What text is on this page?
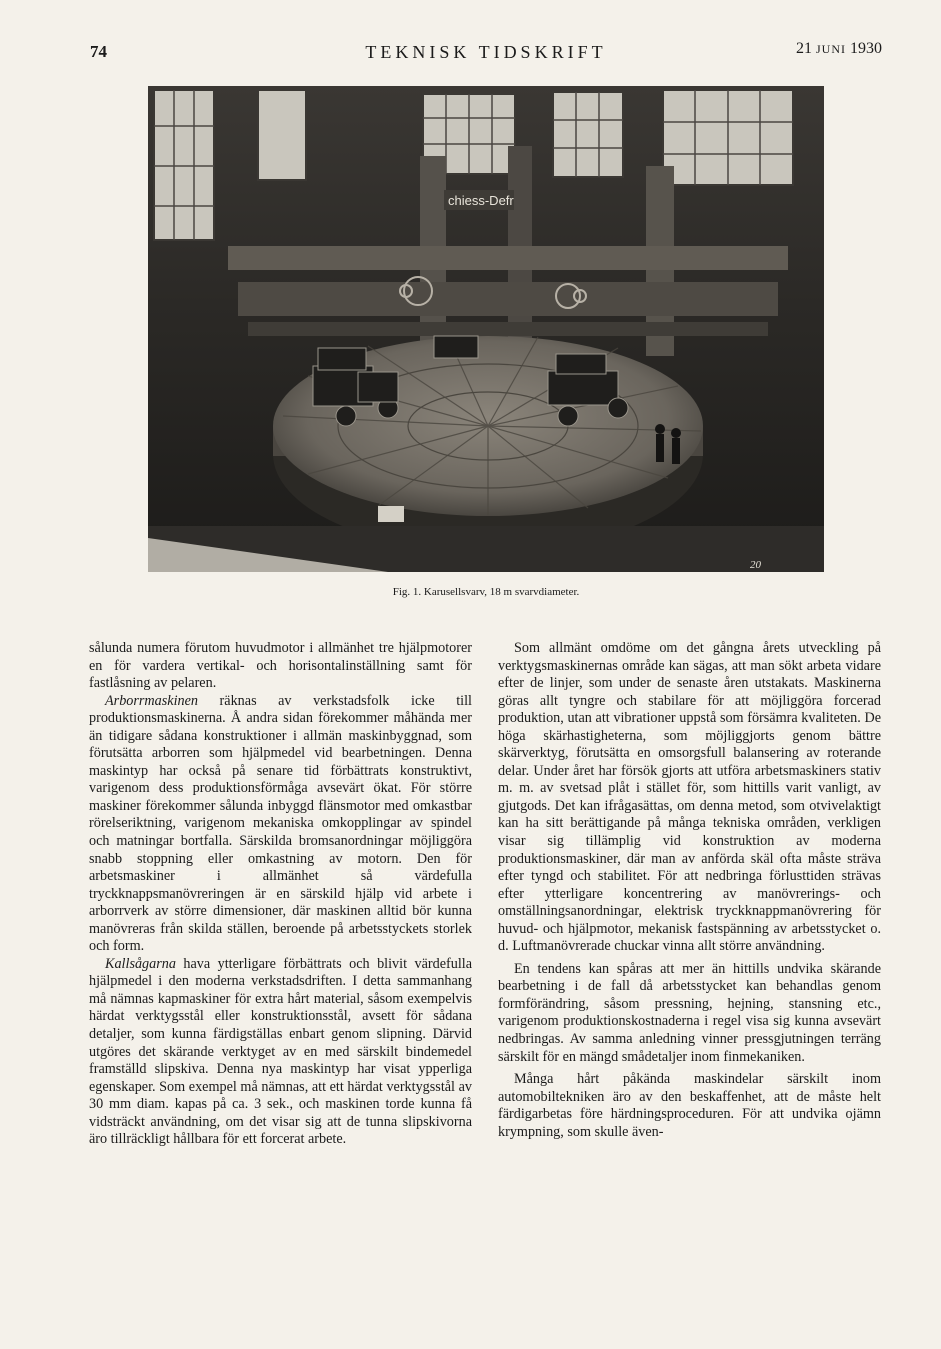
74	TEKNISK TIDSKRIFT	21 JUNI 1930
chiess-Defr
20
Fig. 1. Karusellsvarv, 18 m svarvdiameter.

sålunda numera förutom huvudmotor i allmänhet tre hjälpmotorer en för vardera vertikal- och horisontalinställning samt för fastlåsning av pelaren.

Arborrmaskinen räknas av verkstadsfolk icke till produktionsmaskinerna. Å andra sidan förekommer måhända mer än tidigare sådana konstruktioner i allmän maskinbyggnad, som förutsätta arborren som hjälpmedel vid bearbetningen. Denna maskintyp har också på senare tid förbättrats konstruktivt, varigenom dess produktionsförmåga avsevärt ökat. För större maskiner förekommer sålunda inbyggd flänsmotor med omkastbar rörelseriktning, varigenom mekaniska omkopplingar av spindel och matningar bortfalla. Särskilda bromsanordningar möjliggöra snabb stoppning eller omkastning av motorn. Den för arbetsmaskiner i allmänhet så värdefulla tryckknappsmanövreringen är en särskild hjälp vid arbete i arborrverk av större dimensioner, där maskinen alltid bör kunna manövreras från skilda ställen, beroende på arbetsstyckets storlek och form.

Kallsågarna hava ytterligare förbättrats och blivit värdefulla hjälpmedel i den moderna verkstadsdriften. I detta sammanhang må nämnas kapmaskiner för extra hårt material, såsom exempelvis härdat verktygsstål eller konstruktionsstål, avsett för sådana detaljer, som kunna färdigställas enbart genom slipning. Därvid utgöres det skärande verktyget av en med särskilt bindemedel framställd slipskiva. Denna nya maskintyp har visat ypperliga egenskaper. Som exempel må nämnas, att ett härdat verktygsstål av 30 mm diam. kapas på ca. 3 sek., och maskinen torde kunna få vidsträckt användning, om det visar sig att de tunna slipskivorna äro tillräckligt hållbara för ett forcerat arbete.

Som allmänt omdöme om det gångna årets utveckling på verktygsmaskinernas område kan sägas, att man sökt arbeta vidare efter de linjer, som under de senaste åren utstakats. Maskinerna göras allt tyngre och stabilare för att möjliggöra forcerad produktion, utan att vibrationer uppstå som försämra kvaliteten. De höga skärhastigheterna, som möjliggjorts genom bättre skärverktyg, förutsätta en omsorgsfull balansering av roterande delar. Under året har försök gjorts att utföra arbetsmaskiners stativ m. m. av svetsad plåt i stället för, som hittills varit vanligt, av gjutgods. Det kan ifrågasättas, om denna metod, som otvivelaktigt kan ha sitt berättigande på många tekniska områden, verkligen visar sig tillämplig vid konstruktion av moderna produktionsmaskiner, där man av anförda skäl ofta måste sträva efter tyngd och stabilitet. För att nedbringa förlusttiden strävas efter ytterligare koncentrering av manövrerings- och omställningsanordningar, elektrisk tryckknappmanövrering för huvud- och hjälpmotor, mekanisk fastspänning av arbetsstycket o. d. Luftmanövrerade chuckar vinna allt större användning.

En tendens kan spåras att mer än hittills undvika skärande bearbetning i de fall då arbetsstycket kan behandlas genom formförändring, såsom pressning, hejning, stansning etc., varigenom produktionskostnaderna i regel visa sig kunna avsevärt nedbringas. Av samma anledning vinner pressgjutningen terräng särskilt för en mängd smådetaljer inom finmekaniken.

Många hårt påkända maskindelar särskilt inom automobiltekniken äro av den beskaffenhet, att de måste helt färdigarbetas före härdningsproceduren. För att undvika ojämn krympning, som skulle även-
